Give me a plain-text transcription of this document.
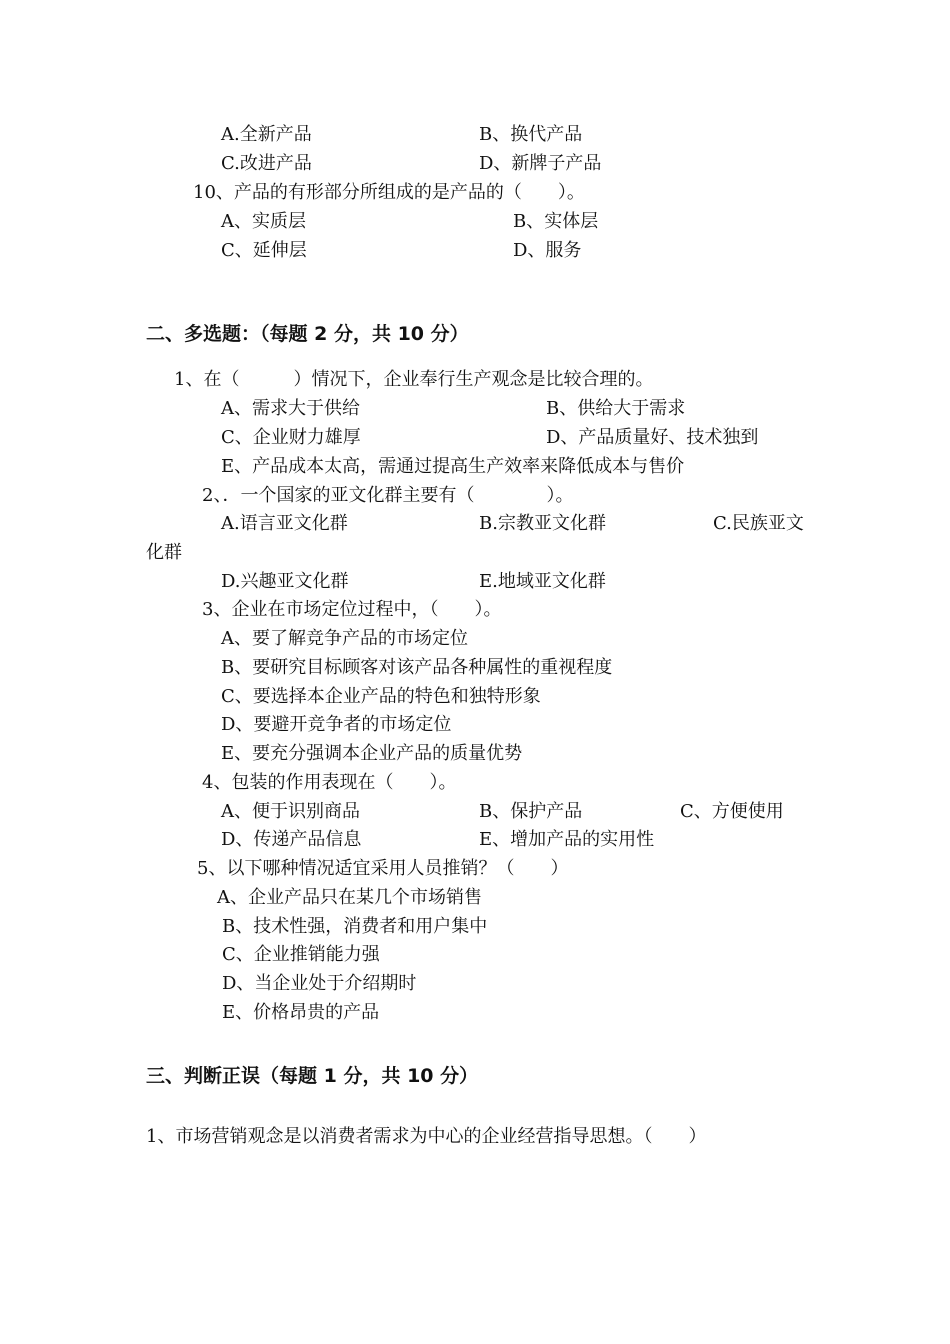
A.全新产品	B、换代产品
C.改进产品	D、新牌子产品
10、产品的有形部分所组成的是产品的（　　）。
A、实质层	B、实体层
C、延伸层	D、服务
二、多选题：（每题 2 分，共 10 分）
1、在（　　　）情况下，企业奉行生产观念是比较合理的。
A、需求大于供给	B、供给大于需求
C、企业财力雄厚	D、产品质量好、技术独到
E、产品成本太高，需通过提高生产效率来降低成本与售价
2、．一个国家的亚文化群主要有（　　　　）。
A.语言亚文化群	B.宗教亚文化群	C.民族亚文
化群
D.兴趣亚文化群	E.地域亚文化群
3、企业在市场定位过程中，（　　）。
A、要了解竞争产品的市场定位
B、要研究目标顾客对该产品各种属性的重视程度
C、要选择本企业产品的特色和独特形象
D、要避开竞争者的市场定位
E、要充分强调本企业产品的质量优势
4、包装的作用表现在（　　）。
A、便于识别商品	B、保护产品	C、方便使用
D、传递产品信息	E、增加产品的实用性
5、以下哪种情况适宜采用人员推销？（　　）
A、企业产品只在某几个市场销售
B、技术性强，消费者和用户集中
C、企业推销能力强
D、当企业处于介绍期时
E、价格昂贵的产品
三、判断正误（每题 1 分，共 10 分）
1、市场营销观念是以消费者需求为中心的企业经营指导思想。（　　）
